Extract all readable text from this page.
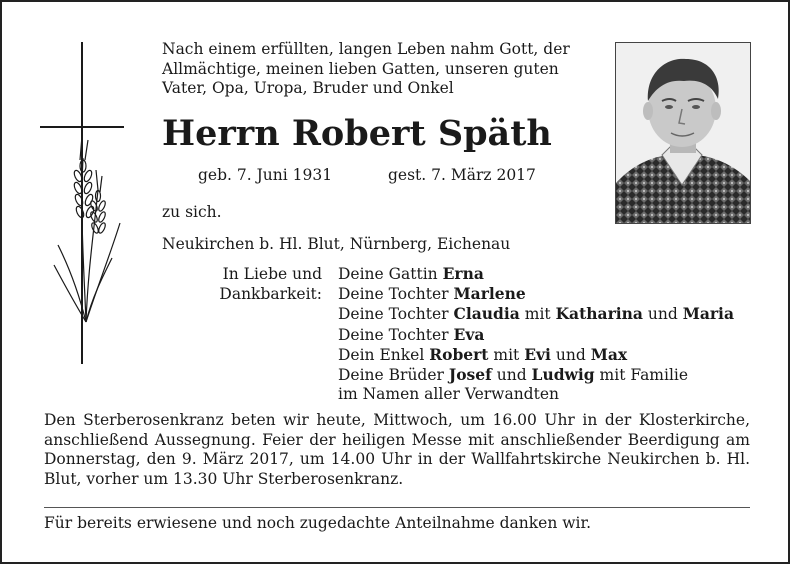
Nach einem erfüllten, langen Leben nahm Gott, der Allmächtige, meinen lieben Gatten, unseren guten Vater, Opa, Uropa, Bruder und Onkel
Herrn Robert Späth
geb. 7. Juni 1931	gest. 7. März 2017
zu sich.
Neukirchen b. Hl. Blut, Nürnberg, Eichenau
In Liebe und
Dankbarkeit:
Deine Gattin Erna
Deine Tochter Marlene
Deine Tochter Claudia mit Katharina und Maria
Deine Tochter Eva
Dein Enkel Robert mit Evi und Max
Deine Brüder Josef und Ludwig mit Familie
im Namen aller Verwandten
Den Sterberosenkranz beten wir heute, Mittwoch, um 16.00 Uhr in der Klosterkirche, anschließend Aussegnung. Feier der heiligen Messe mit anschließender Beerdigung am Donnerstag, den 9. März 2017, um 14.00 Uhr in der Wallfahrtskirche Neukirchen b. Hl. Blut, vorher um 13.30 Uhr Sterberosenkranz.
Für bereits erwiesene und noch zugedachte Anteilnahme danken wir.
